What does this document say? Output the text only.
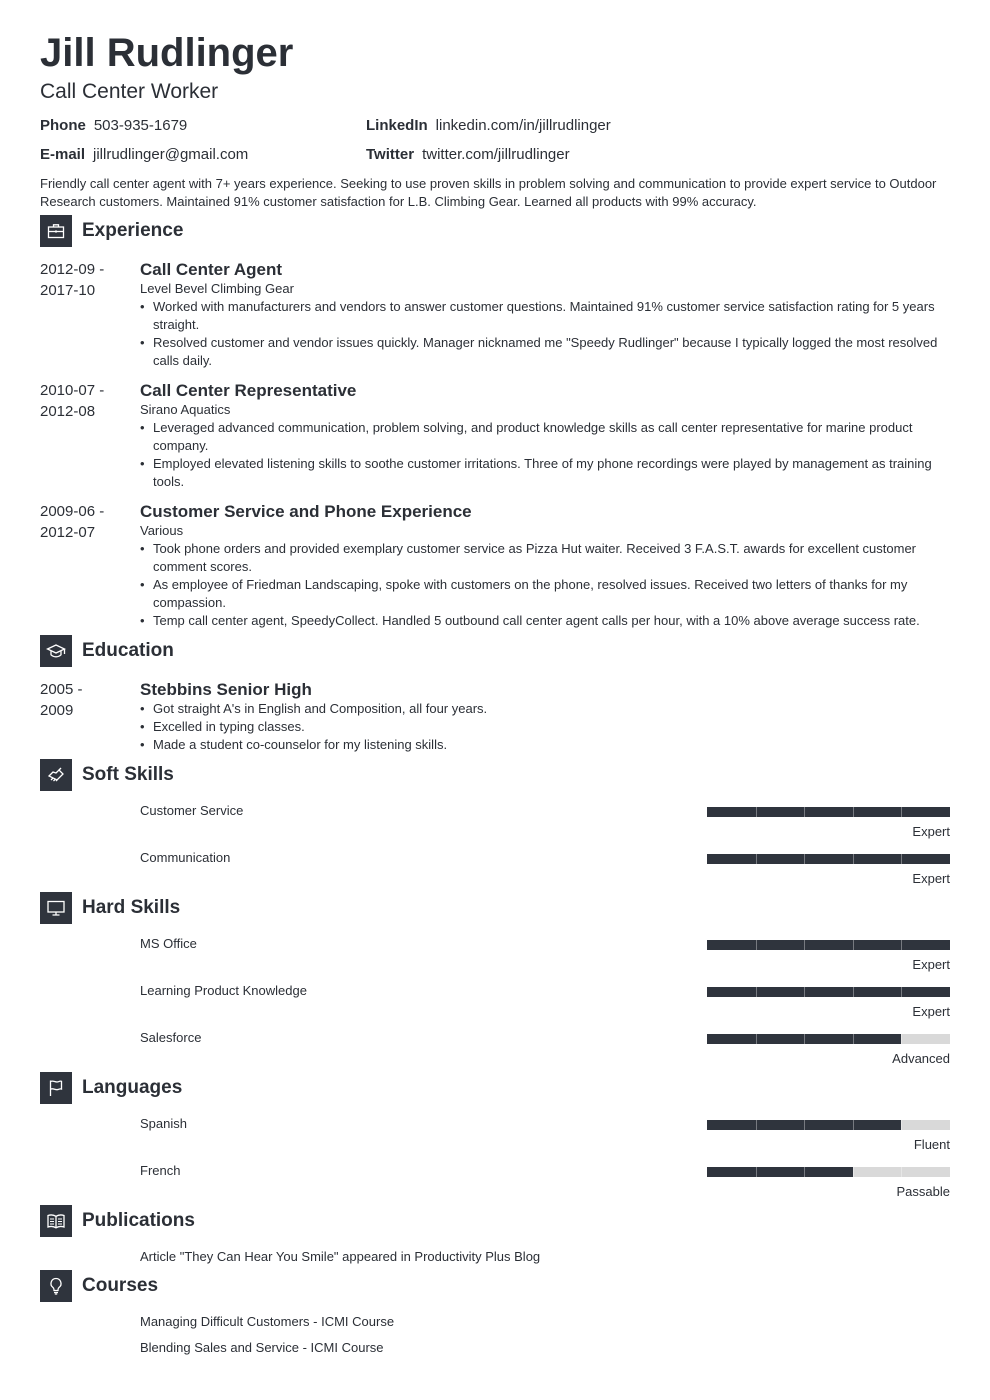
Jill Rudlinger
Call Center Worker
Phone 503-935-1679	LinkedIn linkedin.com/in/jillrudlinger
E-mail jillrudlinger@gmail.com	Twitter twitter.com/jillrudlinger
Friendly call center agent with 7+ years experience. Seeking to use proven skills in problem solving and communication to provide expert service to Outdoor Research customers. Maintained 91% customer satisfaction for L.B. Climbing Gear. Learned all products with 99% accuracy.
Experience
2012-09 -
2017-10
Call Center Agent
Level Bevel Climbing Gear
• Worked with manufacturers and vendors to answer customer questions. Maintained 91% customer service satisfaction rating for 5 years straight.
• Resolved customer and vendor issues quickly. Manager nicknamed me "Speedy Rudlinger" because I typically logged the most resolved calls daily.
2010-07 -
2012-08
Call Center Representative
Sirano Aquatics
• Leveraged advanced communication, problem solving, and product knowledge skills as call center representative for marine product company.
• Employed elevated listening skills to soothe customer irritations. Three of my phone recordings were played by management as training tools.
2009-06 -
2012-07
Customer Service and Phone Experience
Various
• Took phone orders and provided exemplary customer service as Pizza Hut waiter. Received 3 F.A.S.T. awards for excellent customer comment scores.
• As employee of Friedman Landscaping, spoke with customers on the phone, resolved issues. Received two letters of thanks for my compassion.
• Temp call center agent, SpeedyCollect. Handled 5 outbound call center agent calls per hour, with a 10% above average success rate.
Education
2005 -
2009
Stebbins Senior High
• Got straight A's in English and Composition, all four years.
• Excelled in typing classes.
• Made a student co-counselor for my listening skills.
Soft Skills
Customer Service
Expert
Communication
Expert
Hard Skills
MS Office
Expert
Learning Product Knowledge
Expert
Salesforce
Advanced
Languages
Spanish
Fluent
French
Passable
Publications
Article "They Can Hear You Smile" appeared in Productivity Plus Blog
Courses
Managing Difficult Customers - ICMI Course
Blending Sales and Service - ICMI Course
